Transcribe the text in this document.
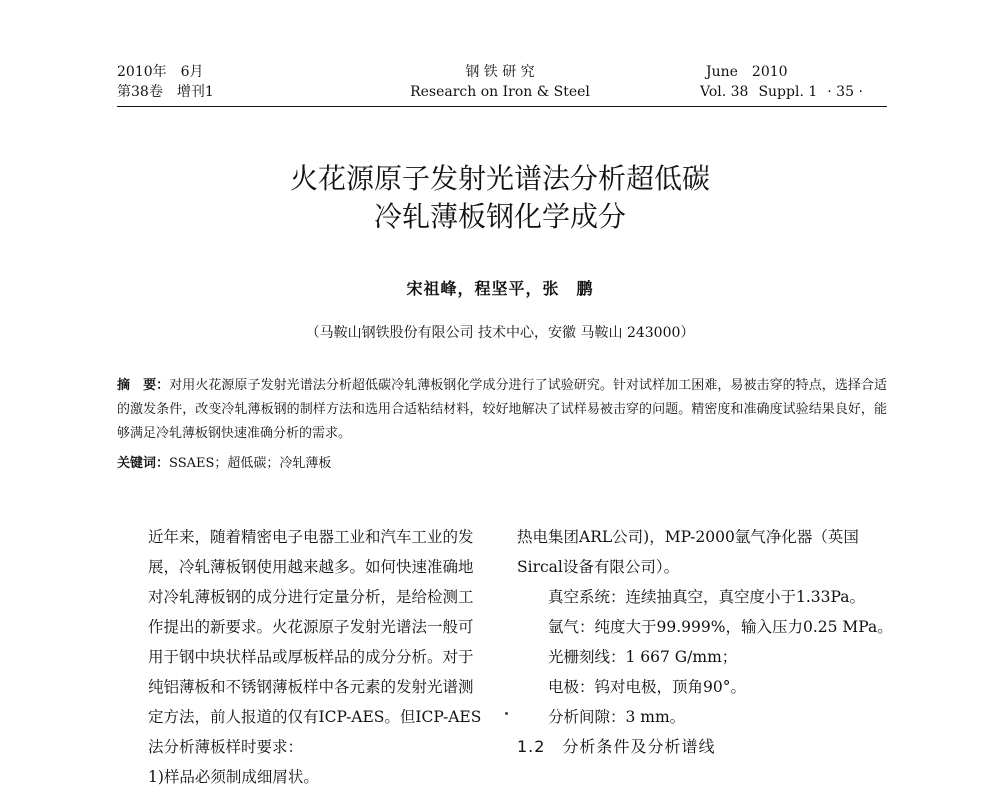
2010年　6月
第38卷　增刊1
钢 铁 研 究
Research on Iron & Steel
June　2010
Vol. 38 Suppl. 1 · 35 ·
火花源原子发射光谱法分析超低碳
冷轧薄板钢化学成分
宋祖峰，程坚平，张　鹏
（马鞍山钢铁股份有限公司 技术中心，安徽 马鞍山 243000）
摘　要：对用火花源原子发射光谱法分析超低碳冷轧薄板钢化学成分进行了试验研究。针对试样加工困难，易被击穿的特点，选择合适的激发条件，改变冷轧薄板钢的制样方法和选用合适粘结材料，较好地解决了试样易被击穿的问题。精密度和准确度试验结果良好，能够满足冷轧薄板钢快速准确分析的需求。
关键词：SSAES；超低碳；冷轧薄板

近年来，随着精密电子电器工业和汽车工业的发展，冷轧薄板钢使用越来越多。如何快速准确地对冷轧薄板钢的成分进行定量分析，是给检测工作提出的新要求。火花源原子发射光谱法一般可用于钢中块状样品或厚板样品的成分分析。对于纯铝薄板和不锈钢薄板样中各元素的发射光谱测定方法，前人报道的仅有ICP-AES。但ICP-AES法分析薄板样时要求：

1)样品必须制成细屑状。

热电集团ARL公司)，MP-2000氩气净化器（英国Sircal设备有限公司）。

真空系统：连续抽真空，真空度小于1.33Pa。
氩气：纯度大于99.999%，输入压力0.25 MPa。
光栅刻线：1 667 G/mm；
电极：钨对电极，顶角90°。
分析间隙：3 mm。
1.2　分析条件及分析谱线
